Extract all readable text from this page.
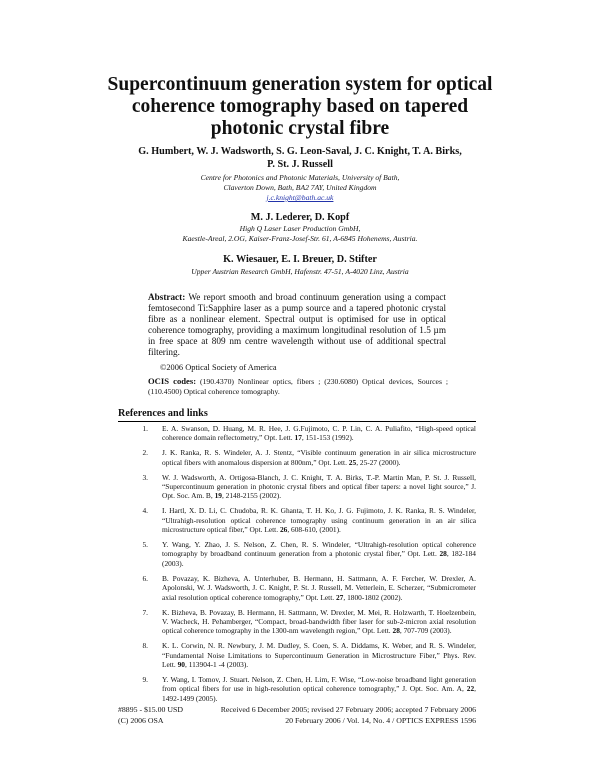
Supercontinuum generation system for optical
coherence tomography based on tapered
photonic crystal fibre
G. Humbert, W. J. Wadsworth, S. G. Leon-Saval, J. C. Knight, T. A. Birks,
P. St. J. Russell
Centre for Photonics and Photonic Materials, University of Bath,
Claverton Down, Bath, BA2 7AY, United Kingdom
j.c.knight@bath.ac.uk
M. J. Lederer, D. Kopf
High Q Laser Laser Production GmbH,
Kaestle-Areal, 2.OG, Kaiser-Franz-Josef-Str. 61, A-6845 Hohenems, Austria.
K. Wiesauer, E. I. Breuer, D. Stifter
Upper Austrian Research GmbH, Hafenstr. 47-51, A-4020 Linz, Austria
Abstract: We report smooth and broad continuum generation using a compact femtosecond Ti:Sapphire laser as a pump source and a tapered photonic crystal fibre as a nonlinear element. Spectral output is optimised for use in optical coherence tomography, providing a maximum longitudinal resolution of 1.5 µm in free space at 809 nm centre wavelength without use of additional spectral filtering.
©2006 Optical Society of America
OCIS codes: (190.4370) Nonlinear optics, fibers ; (230.6080) Optical devices, Sources ; (110.4500) Optical coherence tomography.
References and links
1. E. A. Swanson, D. Huang, M. R. Hee, J. G.Fujimoto, C. P. Lin, C. A. Puliafito, “High-speed optical coherence domain reflectometry,” Opt. Lett. 17, 151-153 (1992).
2. J. K. Ranka, R. S. Windeler, A. J. Stentz, “Visible continuum generation in air silica microstructure optical fibers with anomalous dispersion at 800nm,” Opt. Lett. 25, 25-27 (2000).
3. W. J. Wadsworth, A. Ortigosa-Blanch, J. C. Knight, T. A. Birks, T.-P. Martin Man, P. St. J. Russell, “Supercontinuum generation in photonic crystal fibers and optical fiber tapers: a novel light source,” J. Opt. Soc. Am. B, 19, 2148-2155 (2002).
4. I. Hartl, X. D. Li, C. Chudoba, R. K. Ghanta, T. H. Ko, J. G. Fujimoto, J. K. Ranka, R. S. Windeler, “Ultrahigh-resolution optical coherence tomography using continuum generation in an air silica microstructure optical fiber,” Opt. Lett. 26, 608-610, (2001).
5. Y. Wang, Y. Zhao, J. S. Nelson, Z. Chen, R. S. Windeler, “Ultrahigh-resolution optical coherence tomography by broadband continuum generation from a photonic crystal fiber,” Opt. Lett. 28, 182-184 (2003).
6. B. Povazay, K. Bizheva, A. Unterhuber, B. Hermann, H. Sattmann, A. F. Fercher, W. Drexler, A. Apolonski, W. J. Wadsworth, J. C. Knight, P. St. J. Russell, M. Vetterlein, E. Scherzer, “Submicrometer axial resolution optical coherence tomography,” Opt. Lett. 27, 1800-1802 (2002).
7. K. Bizheva, B. Povazay, B. Hermann, H. Sattmann, W. Drexler, M. Mei, R. Holzwarth, T. Hoelzenbein, V. Wacheck, H. Pehamberger, “Compact, broad-bandwidth fiber laser for sub-2-micron axial resolution optical coherence tomography in the 1300-nm wavelength region,” Opt. Lett. 28, 707-709 (2003).
8. K. L. Corwin, N. R. Newbury, J. M. Dudley, S. Coen, S. A. Diddams, K. Weber, and R. S. Windeler, “Fundamental Noise Limitations to Supercontinuum Generation in Microstructure Fiber,” Phys. Rev. Lett. 90, 113904-1 -4 (2003).
9. Y. Wang, I. Tomov, J. Stuart. Nelson, Z. Chen, H. Lim, F. Wise, “Low-noise broadband light generation from optical fibers for use in high-resolution optical coherence tomography,” J. Opt. Soc. Am. A, 22, 1492-1499 (2005).
#8895 - $15.00 USD	Received 6 December 2005; revised 27 February 2006; accepted 7 February 2006
(C) 2006 OSA	20 February 2006 / Vol. 14, No. 4 / OPTICS EXPRESS 1596
